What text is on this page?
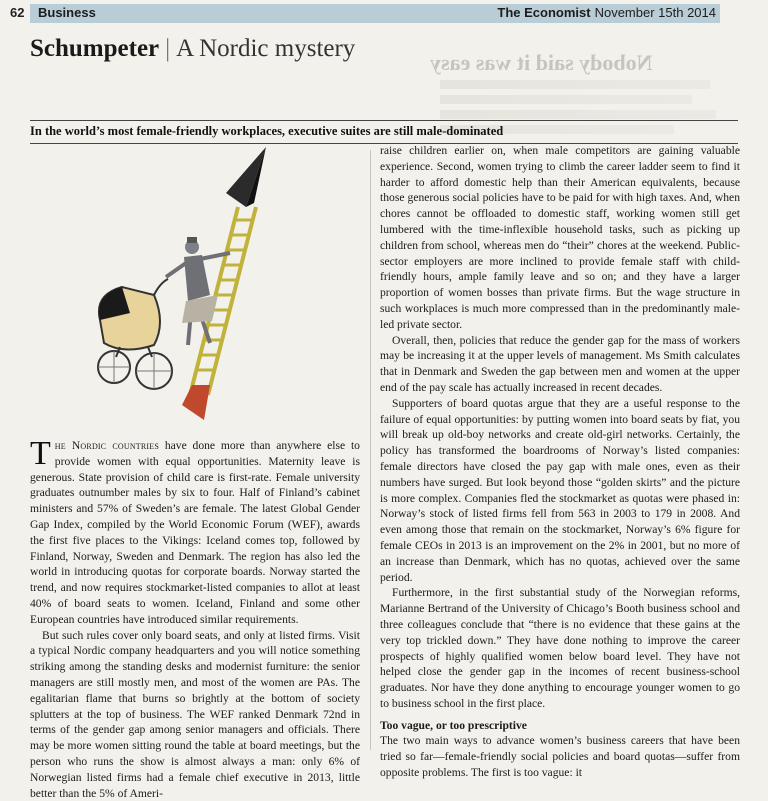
62 Business	The Economist November 15th 2014
Schumpeter | A Nordic mystery
Nobody said it was easy
In the world’s most female-friendly workplaces, executive suites are still male-dominated

The Nordic countries have done more than anywhere else to provide women with equal opportunities. Maternity leave is generous. State provision of child care is first-rate. Female university graduates outnumber males by six to four. Half of Finland’s cabinet ministers and 57% of Sweden’s are female. The latest Global Gender Gap Index, compiled by the World Economic Forum (WEF), awards the first five places to the Vikings: Iceland comes top, followed by Finland, Norway, Sweden and Denmark. The region has also led the world in introducing quotas for corporate boards. Norway started the trend, and now requires stockmarket-listed companies to allot at least 40% of board seats to women. Iceland, Finland and some other European countries have introduced similar requirements.

But such rules cover only board seats, and only at listed firms. Visit a typical Nordic company headquarters and you will notice something striking among the standing desks and modernist furniture: the senior managers are still mostly men, and most of the women are PAs. The egalitarian flame that burns so brightly at the bottom of society splutters at the top of business. The WEF ranked Denmark 72nd in terms of the gender gap among senior managers and officials. There may be more women sitting round the table at board meetings, but the person who runs the show is almost always a man: only 6% of Norwegian listed firms had a female chief executive in 2013, little better than the 5% of Ameri-

raise children earlier on, when male competitors are gaining valuable experience. Second, women trying to climb the career ladder seem to find it harder to afford domestic help than their American equivalents, because those generous social policies have to be paid for with high taxes. And, when chores cannot be offloaded to domestic staff, working women still get lumbered with the time-inflexible household tasks, such as picking up children from school, whereas men do “their” chores at the weekend. Public-sector employers are more inclined to provide female staff with child-friendly hours, ample family leave and so on; and they have a larger proportion of women bosses than private firms. But the wage structure in such workplaces is much more compressed than in the predominantly male-led private sector.

Overall, then, policies that reduce the gender gap for the mass of workers may be increasing it at the upper levels of management. Ms Smith calculates that in Denmark and Sweden the gap between men and women at the upper end of the pay scale has actually increased in recent decades.

Supporters of board quotas argue that they are a useful response to the failure of equal opportunities: by putting women into board seats by fiat, you will break up old-boy networks and create old-girl networks. Certainly, the policy has transformed the boardrooms of Norway’s listed companies: female directors have closed the pay gap with male ones, even as their numbers have surged. But look beyond those “golden skirts” and the picture is more complex. Companies fled the stockmarket as quotas were phased in: Norway’s stock of listed firms fell from 563 in 2003 to 179 in 2008. And even among those that remain on the stockmarket, Norway’s 6% figure for female CEOs in 2013 is an improvement on the 2% in 2001, but no more of an increase than Denmark, which has no quotas, achieved over the same period.

Furthermore, in the first substantial study of the Norwegian reforms, Marianne Bertrand of the University of Chicago’s Booth business school and three colleagues conclude that “there is no evidence that these gains at the very top trickled down.” They have done nothing to improve the career prospects of highly qualified women below board level. They have not helped close the gender gap in the incomes of recent business-school graduates. Nor have they done anything to encourage younger women to go to business school in the first place.

Too vague, or too prescriptive

The two main ways to advance women’s business careers that have been tried so far—female-friendly social policies and board quotas—suffer from opposite problems. The first is too vague: it
